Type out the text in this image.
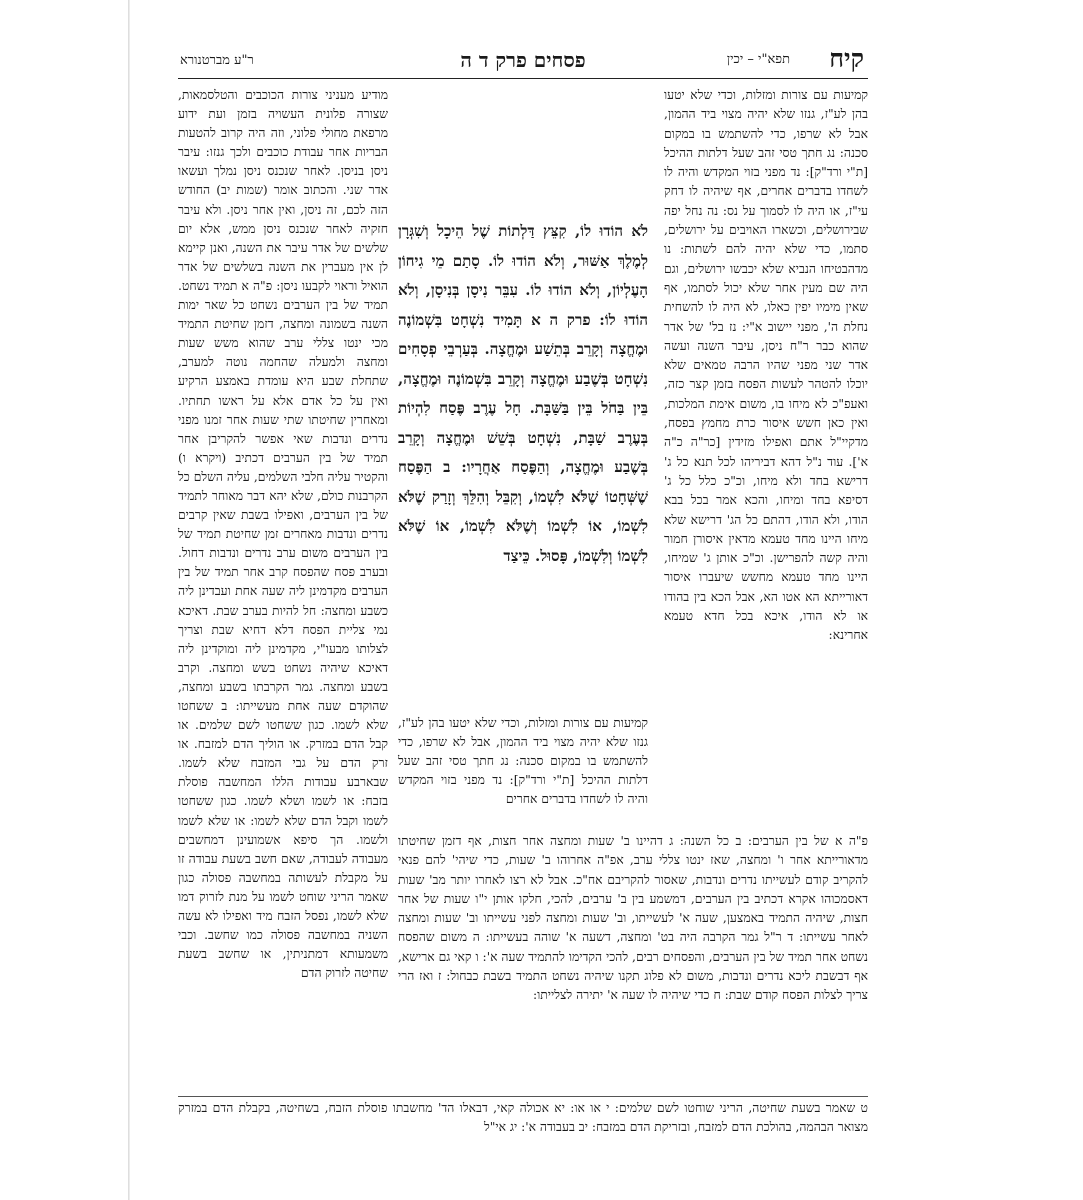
קיח
תפא"י – יכין
פסחים פרק ד ה
ר"ע מברטנורא

קמיעות עם צורות ומזלות, וכדי שלא יטעו בהן לע"ז, גנזו שלא יהיה מצוי ביד ההמון, אבל לא שרפו, כדי להשתמש בו במקום סכנה: נג חתך טסי זהב שעל דלתות ההיכל [ת"י ורד"ק]: נד מפני בזוי המקדש והיה לו לשחדו בדברים אחרים, אף שיהיה לו דחק עי"ז, או היה לו לסמוך על נס: נה נחל יפה שבירושלים, וכשארו האויבים על ירושלים, סתמו, כדי שלא יהיה להם לשתות: נו מדהבטיחו הנביא שלא יכבשו ירושלים, וגם היה שם מעין אחר שלא יכול לסתמו, אף שאין מימיו יפין כאלו, לא היה לו להשחית נחלת ה', מפני יישוב א"י: נז בל' של אדר שהוא כבר ר"ח ניסן, עיבר השנה ועשה אדר שני מפני שהיו הרבה טמאים שלא יוכלו להטהר לעשות הפסח בזמן קצר כזה, ואעפ"כ לא מיחו בו, משום אימת המלכות, ואין כאן חשש איסור כרת מחמץ בפסח, מדקיי"ל אתם ואפילו מזידין [כר"ה כ"ה א']. עוד נ"ל דהא דביריהו לכל תנא כל ג' דרישא בחד ולא מיחו, וכ"כ כלל כל ג' דסיפא בחד ומיחו, והכא אמר בכל בבא הודו, ולא הודו, דהתם כל הג' דרישא שלא מיחו היינו מחד טעמא מדאין איסורן חמור והיה קשה להפרישן. וכ"כ אותן ג' שמיחו, היינו מחד טעמא מחשש שיעברו איסור דאורייתא הא אטו הא, אבל הכא בין בהודו או לא הודו, איכא בכל חדא טעמא אחרינא:

לֹא הוֹדוּ לוֹ, קִצֵּץ דַּלְתוֹת שֶׁל הֵיכָל וְשִׁגְּרָן לְמֶלֶךְ אַשּׁוּר, וְלֹא הוֹדוּ לוֹ. סָתַם מֵי גִיחוֹן הָעֶלְיוֹן, וְלֹא הוֹדוּ לוֹ. עִבֵּר נִיסָן בְּנִיסָן, וְלֹא הוֹדוּ לוֹ: פרק ה א תָּמִיד נִשְׁחָט בִּשְׁמוֹנֶה וּמֶחֱצָה וְקָרֵב בְּתֵשַׁע וּמֶחֱצָה. בְּעַרְבֵי פְסָחִים נִשְׁחָט בְּשֶׁבַע וּמֶחֱצָה וְקָרֵב בִּשְׁמוֹנֶה וּמֶחֱצָה, בֵּין בַּחֹל בֵּין בַּשַּׁבָּת. חָל עֶרֶב פֶּסַח לִהְיוֹת בְּעֶרֶב שַׁבָּת, נִשְׁחָט בְּשֵׁשׁ וּמֶחֱצָה וְקָרֵב בְּשֶׁבַע וּמֶחֱצָה, וְהַפֶּסַח אַחֲרָיו: ב הַפֶּסַח שֶׁשְּׁחָטוֹ שֶׁלֹּא לִשְׁמוֹ, וְקִבֵּל וְהִלֵּךְ וְזָרַק שֶׁלֹּא לִשְׁמוֹ, אוֹ לִשְׁמוֹ וְשֶׁלֹּא לִשְׁמוֹ, אוֹ שֶׁלֹּא לִשְׁמוֹ וְלִשְׁמוֹ, פָּסוּל. כֵּיצַד

קמיעות עם צורות ומזלות, וכדי שלא יטעו בהן לע"ז, גנזו שלא יהיה מצוי ביד ההמון, אבל לא שרפו, כדי להשתמש בו במקום סכנה: נג חתך טסי זהב שעל דלתות ההיכל [ת"י ורד"ק]: נד מפני בזוי המקדש והיה לו לשחדו בדברים אחרים

מודיע מעניני צורות הכוכבים והטלסמאות, שצורה פלונית העשויה בזמן ועת ידוע מרפאת מחולי פלוני, וזה היה קרוב להטעות הבריות אחר עבודת כוכבים ולכך גנזו: עיבר ניסן בניסן. לאחר שנכנס ניסן נמלך ועשאו אדר שני. והכתוב אומר (שמות יב) החודש הזה לכם, זה ניסן, ואין אחר ניסן. ולא עיבר חזקיה לאחר שנכנס ניסן ממש, אלא יום שלשים של אדר עיבר את השנה, ואנן קיימא לן אין מעברין את השנה בשלשים של אדר הואיל וראוי לקבעו ניסן: פ"ה א תמיד נשחט. תמיד של בין הערבים נשחט כל שאר ימות השנה בשמונה ומחצה, דזמן שחיטת התמיד מכי ינטו צללי ערב שהוא משש שעות ומחצה ולמעלה שהחמה נוטה למערב, שתחלת שבע היא עומדת באמצע הרקיע ואין על כל אדם אלא על ראשו תחתיו. ומאחרין שחיטתו שתי שעות אחר זמנו מפני נדרים ונדבות שאי אפשר להקריבן אחר תמיד של בין הערבים דכתיב (ויקרא ו) והקטיר עליה חלבי השלמים, עליה השלם כל הקרבנות כולם, שלא יהא דבר מאוחר לתמיד של בין הערבים, ואפילו בשבת שאין קרבים נדרים ונדבות מאחרים זמן שחיטת תמיד של בין הערבים משום ערב נדרים ונדבות דחול. ובערב פסח שהפסח קרב אחר תמיד של בין הערבים מקדמינן ליה שעה אחת ועבדינן ליה כשבע ומחצה: חל להיות בערב שבת. דאיכא נמי צליית הפסח דלא דחיא שבת וצריך לצלותו מבעו"י, מקדמינן ליה ומוקדינן ליה דאיכא שיהיה נשחט בשש ומחצה. וקרב בשבע ומחצה. גמר הקרבתו בשבע ומחצה, שהוקדם שעה אחת מעשייתו: ב ששחטו שלא לשמו. כגון ששחטו לשם שלמים. או קבל הדם במזרק. או הוליך הדם למזבח. או זרק הדם על גבי המזבח שלא לשמו. שבארבע עבודות הללו המחשבה פוסלת בזבח: או לשמו ושלא לשמו. כגון ששחטו לשמו וקבל הדם שלא לשמו: או שלא לשמו ולשמו. הך סיפא אשמועינן דמחשבים מעבודה לעבודה, שאם חשב בשעת עבודה זו על מקבלת לעשותה במחשבה פסולה כגון שאמר הריני שוחט לשמו על מנת לזרוק דמו שלא לשמו, נפסל הזבח מיד ואפילו לא עשה השניה במחשבה פסולה כמו שחשב. וכבי משמעותא דמתניתין, או שחשב בשעת שחיטה לזרוק הדם

פ"ה א של בין הערבים: ב כל השנה: ג דהיינו ב' שעות ומחצה אחר חצות, אף דזמן שחיטתו מדאורייתא אחר ו' ומחצה, שאז ינטו צללי ערב, אפ"ה אחרוהו ב' שעות, כדי שיהי' להם פנאי להקריב קודם לעשייתו נדרים ונדבות, שאסור להקריבם אח"כ. אבל לא רצו לאחרו יותר מב' שעות דאסמכוהו אקרא דכתיב בין הערבים, דמשמע בין ב' ערבים, להכי, חלקו אותן י"ו שעות של אחר חצות, שיהיה התמיד באמצען, שעה א' לעשייתו, וב' שעות ומחצה לפני עשייתו וב' שעות ומחצה לאחר עשייתו: ד ר"ל גמר הקרבה היה בט' ומחצה, דשעה א' שוהה בעשייתו: ה משום שהפסח נשחט אחר תמיד של בין הערבים, והפסחים רבים, להכי הקדימו להתמיד שעה א': ו קאי גם ארישא, אף דבשבת ליכא נדרים ונדבות, משום לא פלוג תקנו שיהיה נשחט התמיד בשבת כבחול: ז ואז הרי צריך לצלות הפסח קודם שבת: ח כדי שיהיה לו שעה א' יתירה לצלייתו:

ט שאמר בשעת שחיטה, הריני שוחטו לשם שלמים: י או או: יא אכולה קאי, דבאלו הד' מחשבתו פוסלת הזבח, בשחיטה, בקבלת הדם במזרק מצואר הבהמה, בהולכת הדם למזבח, ובזריקת הדם במזבח: יב בעבודה א': יג אי"ל
